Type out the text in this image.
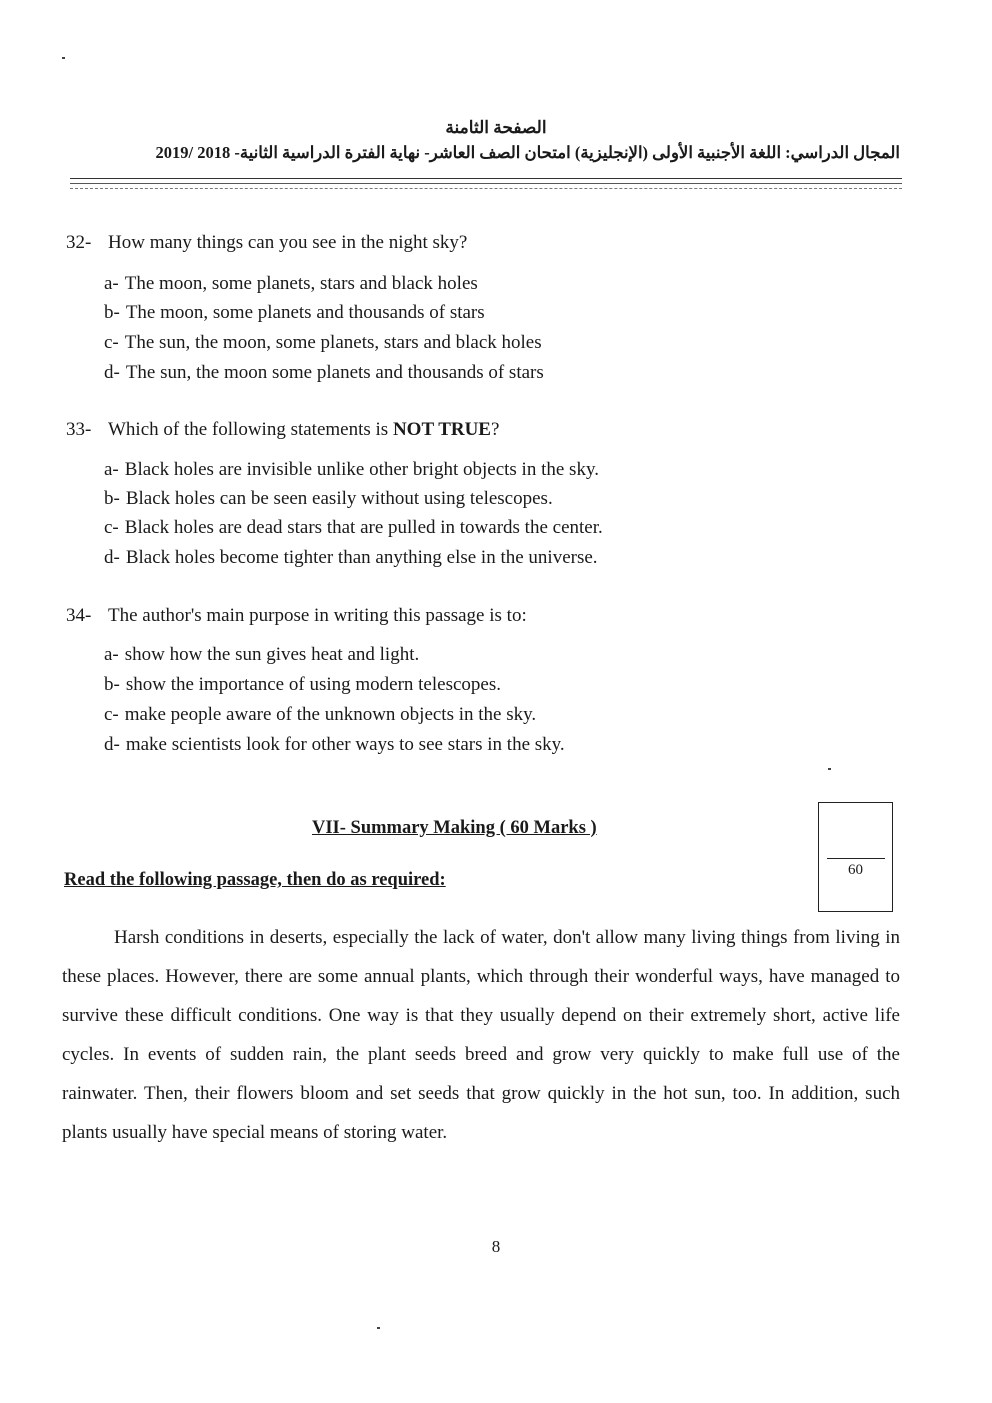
الصفحة الثامنة
المجال الدراسي: اللغة الأجنبية الأولى (الإنجليزية) امتحان الصف العاشر- نهاية الفترة الدراسية الثانية- 2018 /2019
32- How many things can you see in the night sky?
a- The moon, some planets, stars and black holes
b- The moon, some planets and thousands of stars
c- The sun, the moon, some planets, stars and black holes
d- The sun, the moon some planets and thousands of stars
33- Which of the following statements is NOT TRUE?
a- Black holes are invisible unlike other bright objects in the sky.
b- Black holes can be seen easily without using telescopes.
c- Black holes are dead stars that are pulled in towards the center.
d- Black holes become tighter than anything else in the universe.
34- The author's main purpose in writing this passage is to:
a- show how the sun gives heat and light.
b- show the importance of using modern telescopes.
c- make people aware of the unknown objects in the sky.
d- make scientists look for other ways to see stars in the sky.
VII- Summary Making ( 60 Marks )
60
Read the following passage, then do as required:
Harsh conditions in deserts, especially the lack of water, don't allow many living things from living in these places. However, there are some annual plants, which through their wonderful ways, have managed to survive these difficult conditions. One way is that they usually depend on their extremely short, active life cycles. In events of sudden rain, the plant seeds breed and grow very quickly to make full use of the rainwater. Then, their flowers bloom and set seeds that grow quickly in the hot sun, too. In addition, such plants usually have special means of storing water.
8
